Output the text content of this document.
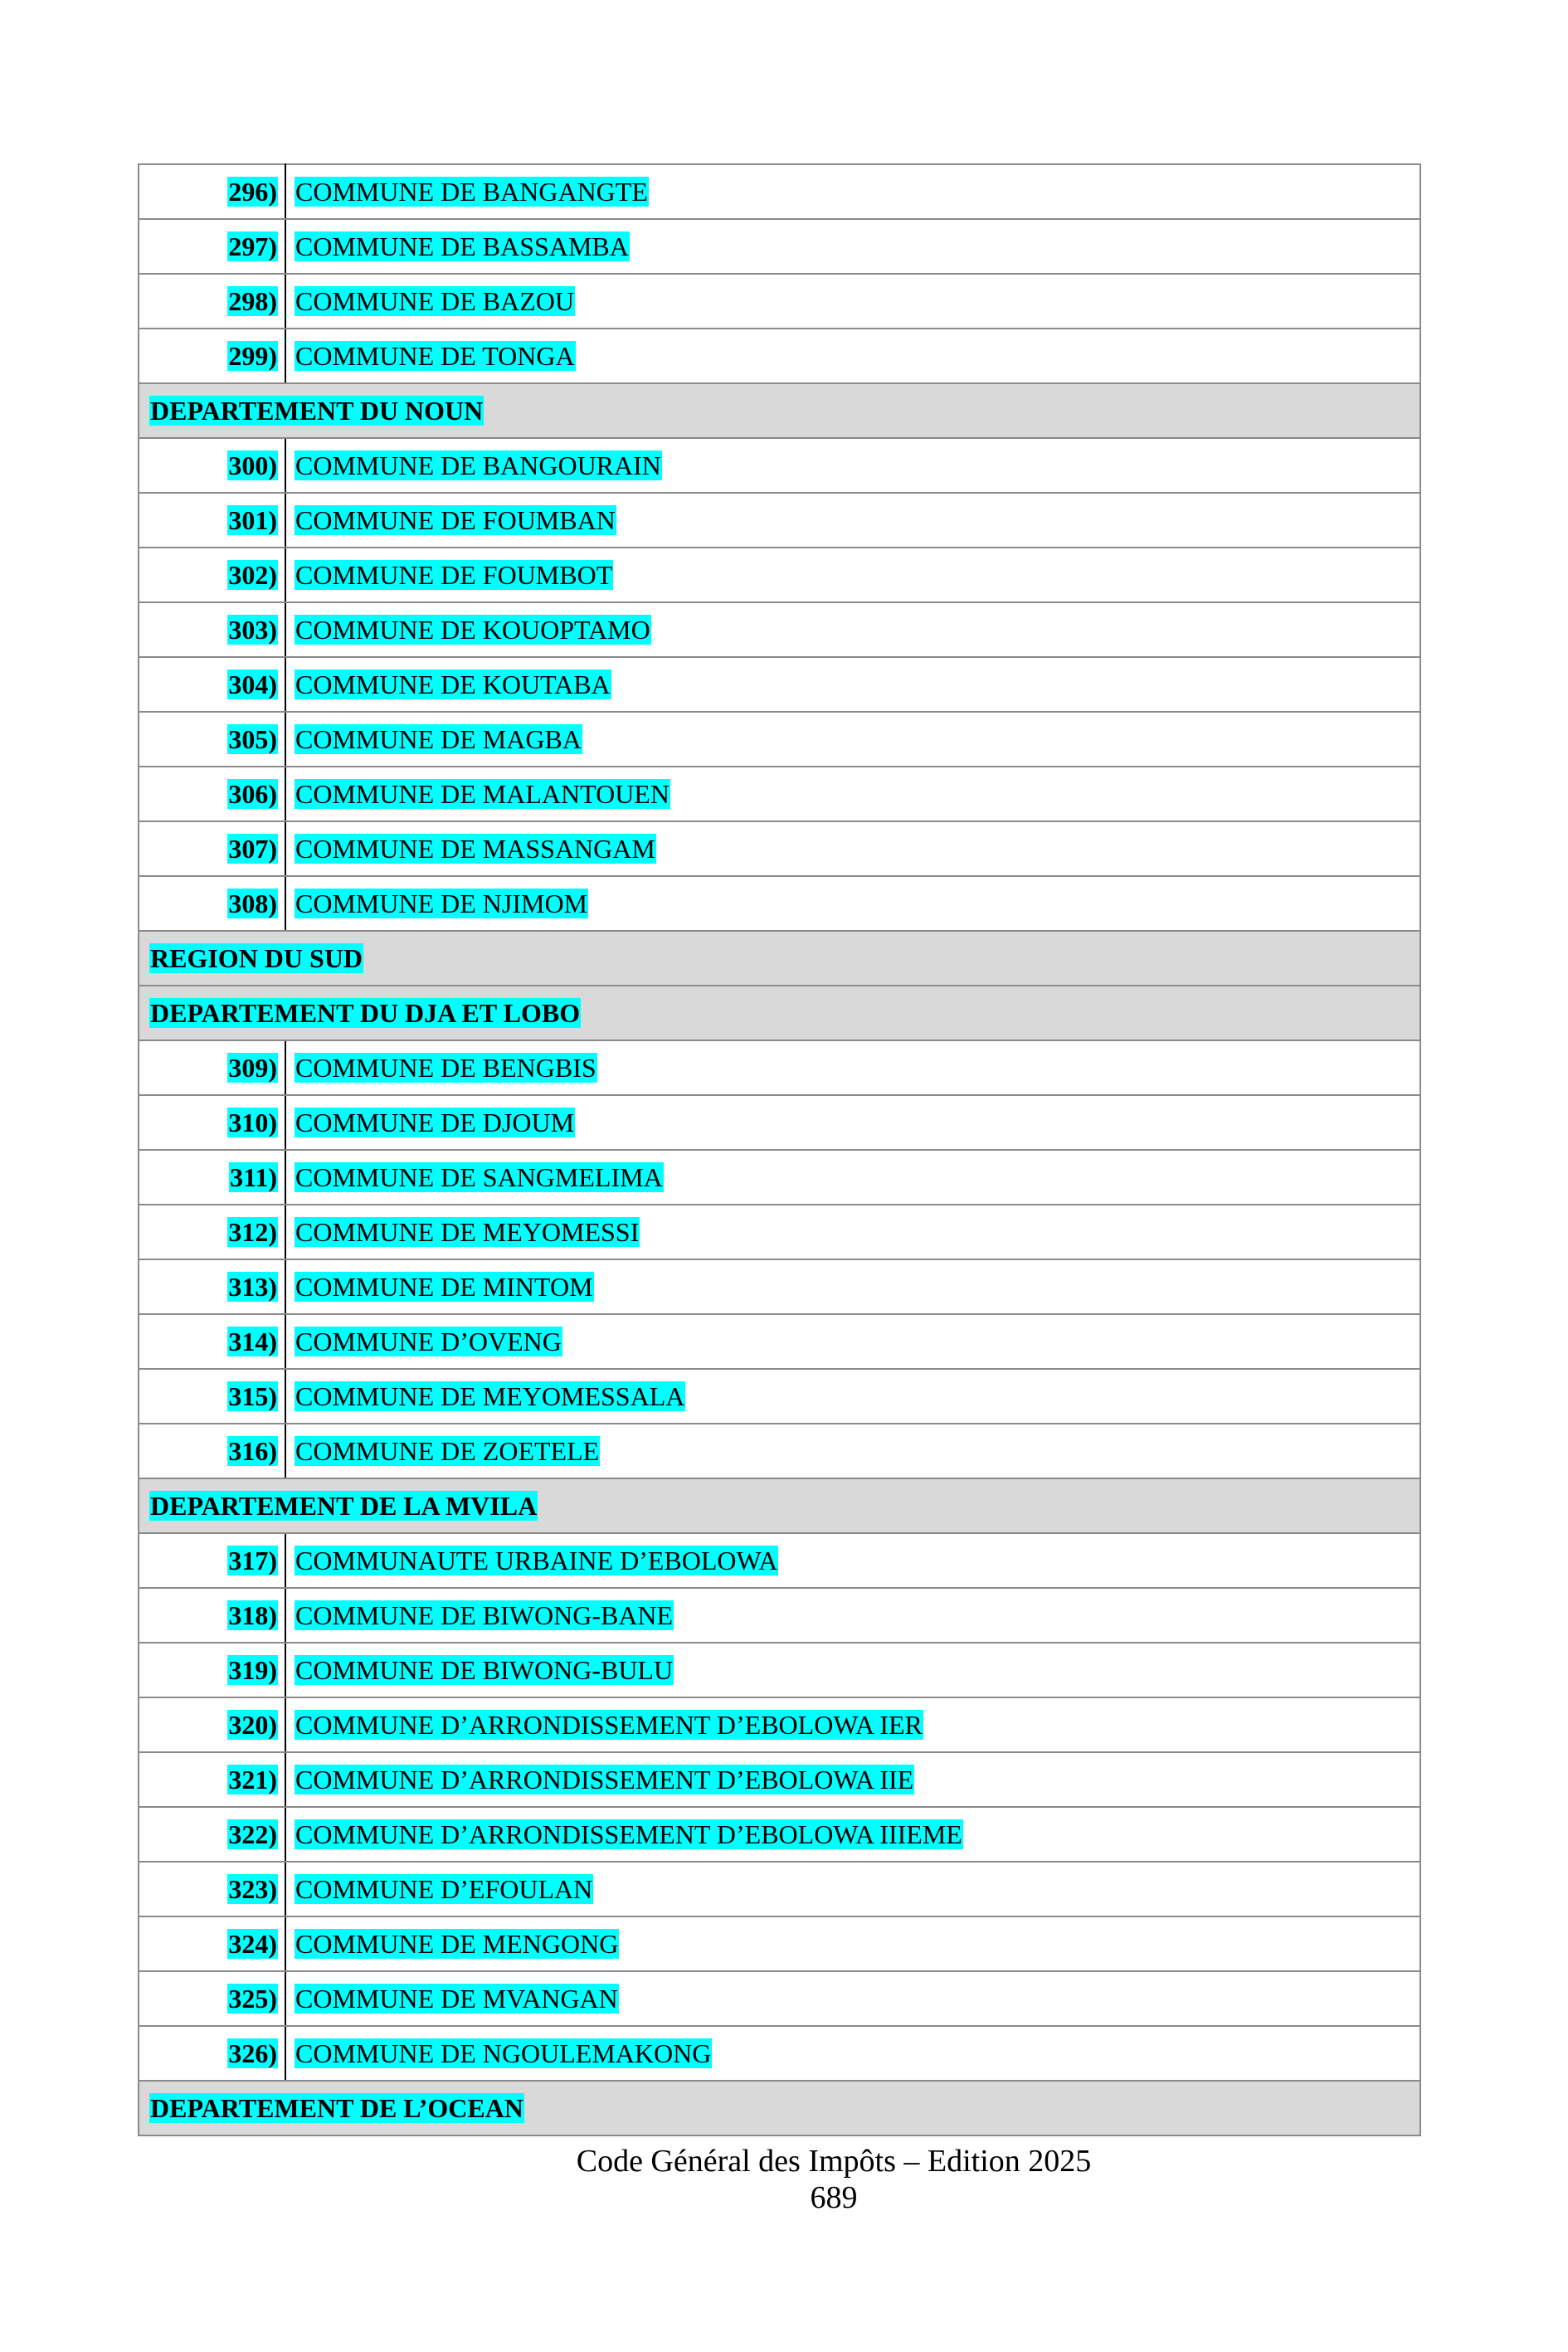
296)	COMMUNE DE BANGANGTE
297)	COMMUNE DE BASSAMBA
298)	COMMUNE DE BAZOU
299)	COMMUNE DE TONGA
DEPARTEMENT DU NOUN	
300)	COMMUNE DE BANGOURAIN
301)	COMMUNE DE FOUMBAN
302)	COMMUNE DE FOUMBOT
303)	COMMUNE DE KOUOPTAMO
304)	COMMUNE DE KOUTABA
305)	COMMUNE DE MAGBA
306)	COMMUNE DE MALANTOUEN
307)	COMMUNE DE MASSANGAM
308)	COMMUNE DE NJIMOM
REGION DU SUD	
DEPARTEMENT DU DJA ET LOBO	
309)	COMMUNE DE BENGBIS
310)	COMMUNE DE DJOUM
311)	COMMUNE DE SANGMELIMA
312)	COMMUNE DE MEYOMESSI
313)	COMMUNE DE MINTOM
314)	COMMUNE D’OVENG
315)	COMMUNE DE MEYOMESSALA
316)	COMMUNE DE ZOETELE
DEPARTEMENT DE LA MVILA	
317)	COMMUNAUTE URBAINE D’EBOLOWA
318)	COMMUNE DE BIWONG-BANE
319)	COMMUNE DE BIWONG-BULU
320)	COMMUNE D’ARRONDISSEMENT D’EBOLOWA IER
321)	COMMUNE D’ARRONDISSEMENT D’EBOLOWA IIE
322)	COMMUNE D’ARRONDISSEMENT D’EBOLOWA IIIEME
323)	COMMUNE D’EFOULAN
324)	COMMUNE DE MENGONG
325)	COMMUNE DE MVANGAN
326)	COMMUNE DE NGOULEMAKONG
DEPARTEMENT DE L’OCEAN	
Code Général des Impôts – Edition 2025
689
